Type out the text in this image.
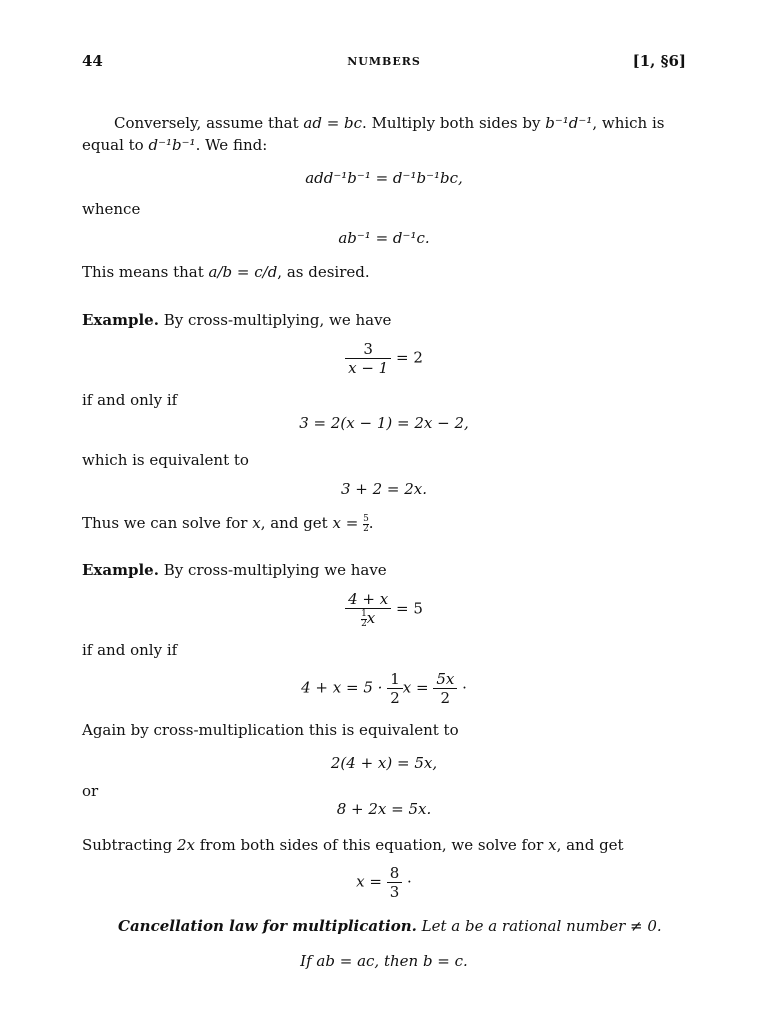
44	NUMBERS	[1, §6]
Conversely, assume that ad = bc. Multiply both sides by b⁻¹d⁻¹, which is equal to d⁻¹b⁻¹. We find:
add⁻¹b⁻¹ = d⁻¹b⁻¹bc,
whence
ab⁻¹ = d⁻¹c.
This means that a/b = c/d, as desired.
Example. By cross-multiplying, we have
$\frac{3}{x - 1} = 2$
if and only if
3 = 2(x − 1) = 2x − 2,
which is equivalent to
3 + 2 = 2x.
Thus we can solve for x, and get $x = \frac{5}{2}$ .
Example. By cross-multiplying we have
$\frac{4 + x}{\frac{1}{2} x} = 5$
if and only if
$4 + x = 5 \cdot \frac{1}{2}$ $x = \frac{5x}{2}$ ·
Again by cross-multiplication this is equivalent to
2(4 + x) = 5x,
or
8 + 2x = 5x.
Subtracting 2x from both sides of this equation, we solve for x, and get
$x = \frac{8}{3}$ ·
Cancellation law for multiplication. Let a be a rational number ≠ 0.
If ab = ac, then b = c.
